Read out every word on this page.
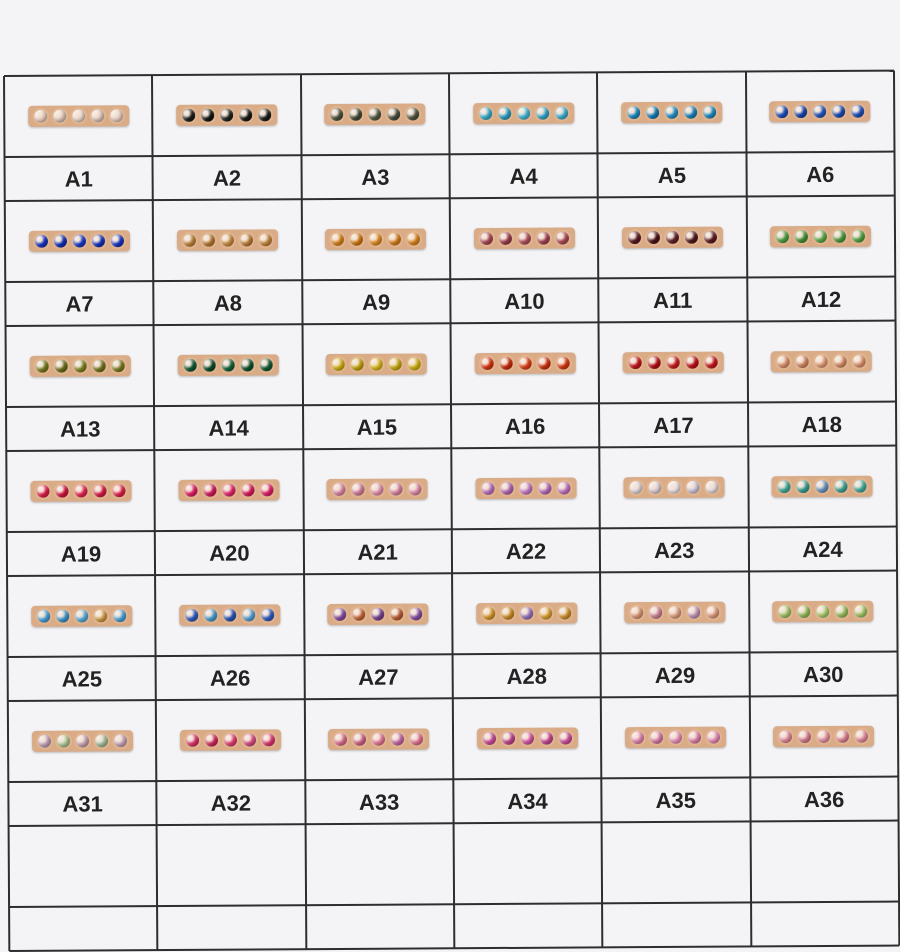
A1	A2	A3	A4	A5	A6
A7	A8	A9	A10	A11	A12
A13	A14	A15	A16	A17	A18
A19	A20	A21	A22	A23	A24
A25	A26	A27	A28	A29	A30
A31	A32	A33	A34	A35	A36
